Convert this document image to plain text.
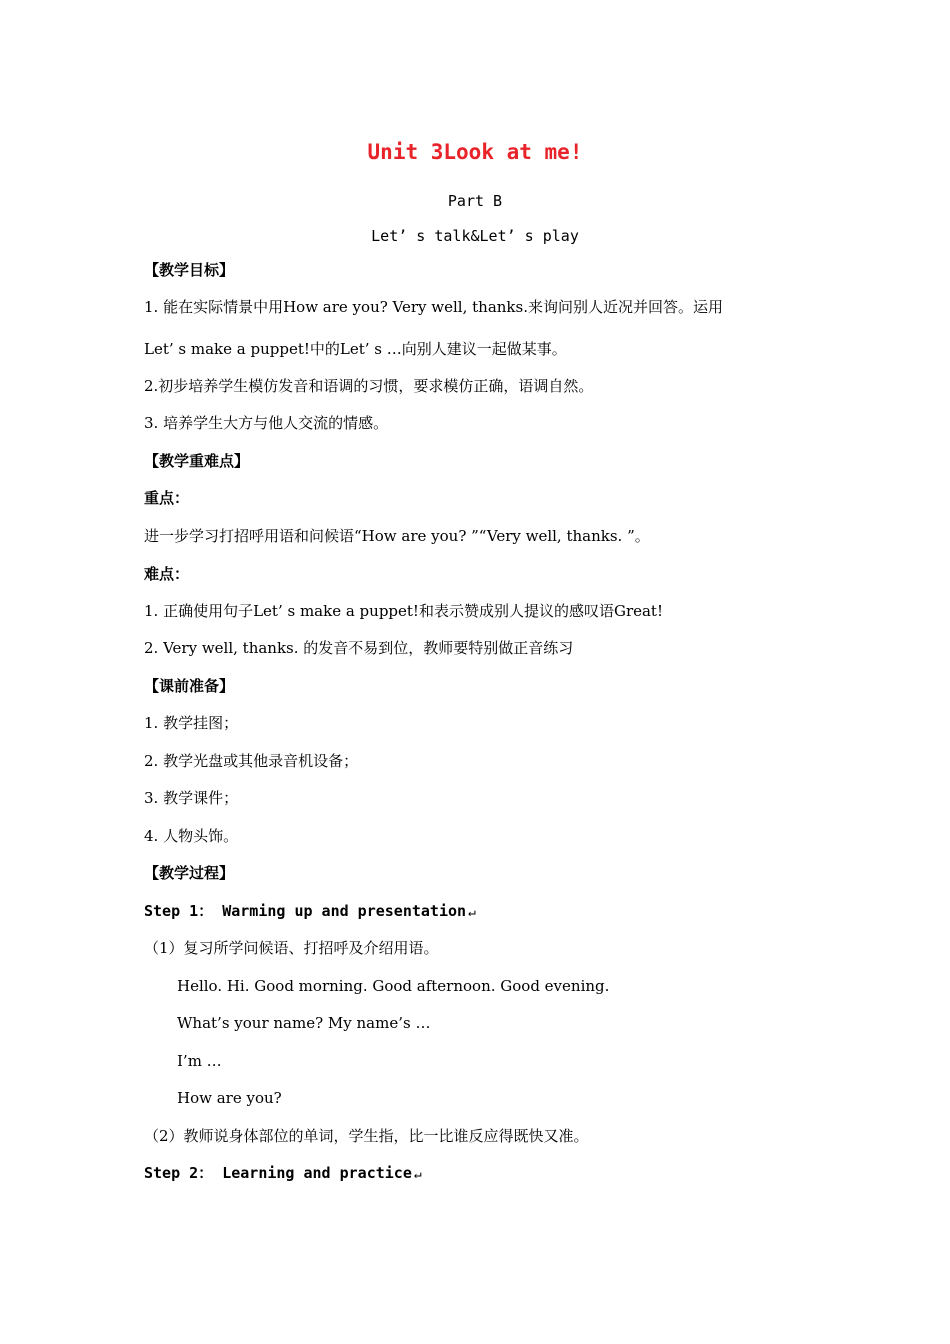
Unit 3Look at me!
Part B
Let’ s talk&Let’ s play
【教学目标】
1. 能在实际情景中用How are you? Very well, thanks.来询问别人近况并回答。运用
Let’ s make a puppet!中的Let’ s …向别人建议一起做某事。
2.初步培养学生模仿发音和语调的习惯，要求模仿正确，语调自然。
3. 培养学生大方与他人交流的情感。
【教学重难点】
重点：
进一步学习打招呼用语和问候语“How are you? ”“Very well, thanks. ”。
难点：
1. 正确使用句子Let’ s make a puppet!和表示赞成别人提议的感叹语Great!
2. Very well, thanks. 的发音不易到位，教师要特别做正音练习
【课前准备】
1. 教学挂图；
2. 教学光盘或其他录音机设备；
3. 教学课件；
4. 人物头饰。
【教学过程】
Step 1： Warming up and presentation ↵
（1）复习所学问候语、打招呼及介绍用语。
Hello. Hi. Good morning. Good afternoon. Good evening.
What’s your name? My name’s …
I’m …
How are you?
（2）教师说身体部位的单词，学生指，比一比谁反应得既快又准。
Step 2： Learning and practice ↵
